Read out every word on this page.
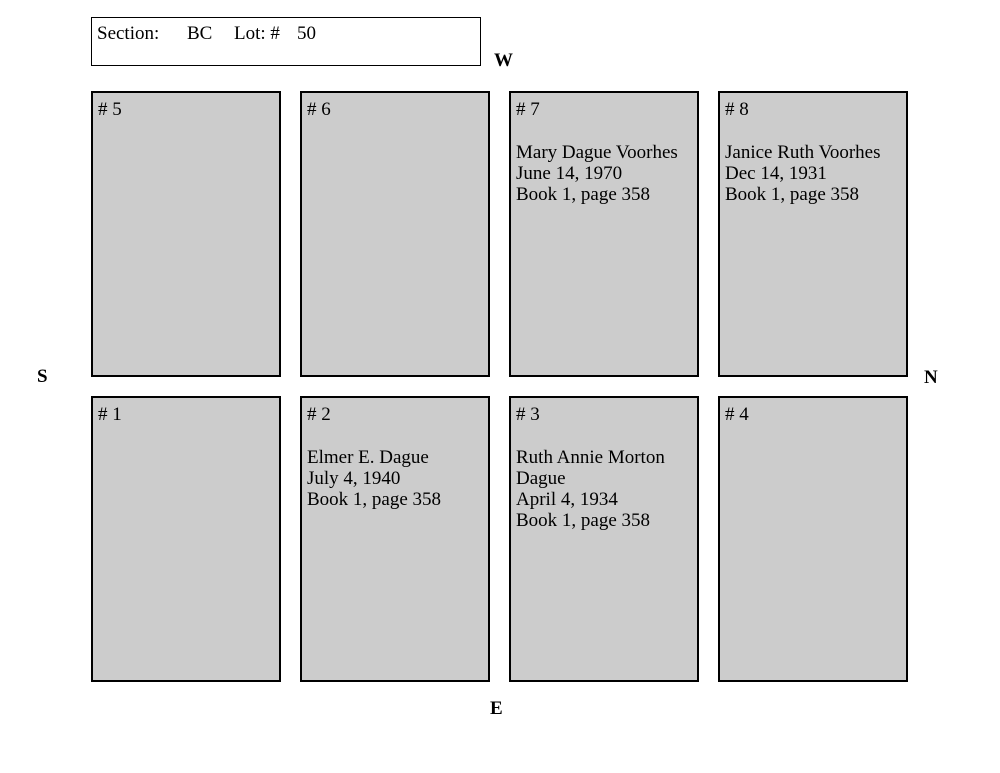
Section: BC Lot: # 50
W
E
S	N
# 5	# 6	# 7
Mary Dague Voorhes
June 14, 1970
Book 1, page 358
# 8
Janice Ruth Voorhes
Dec 14, 1931
Book 1, page 358
# 1	# 2
Elmer E. Dague
July 4, 1940
Book 1, page 358
# 3
Ruth Annie Morton
Dague
April 4, 1934
Book 1, page 358
# 4
